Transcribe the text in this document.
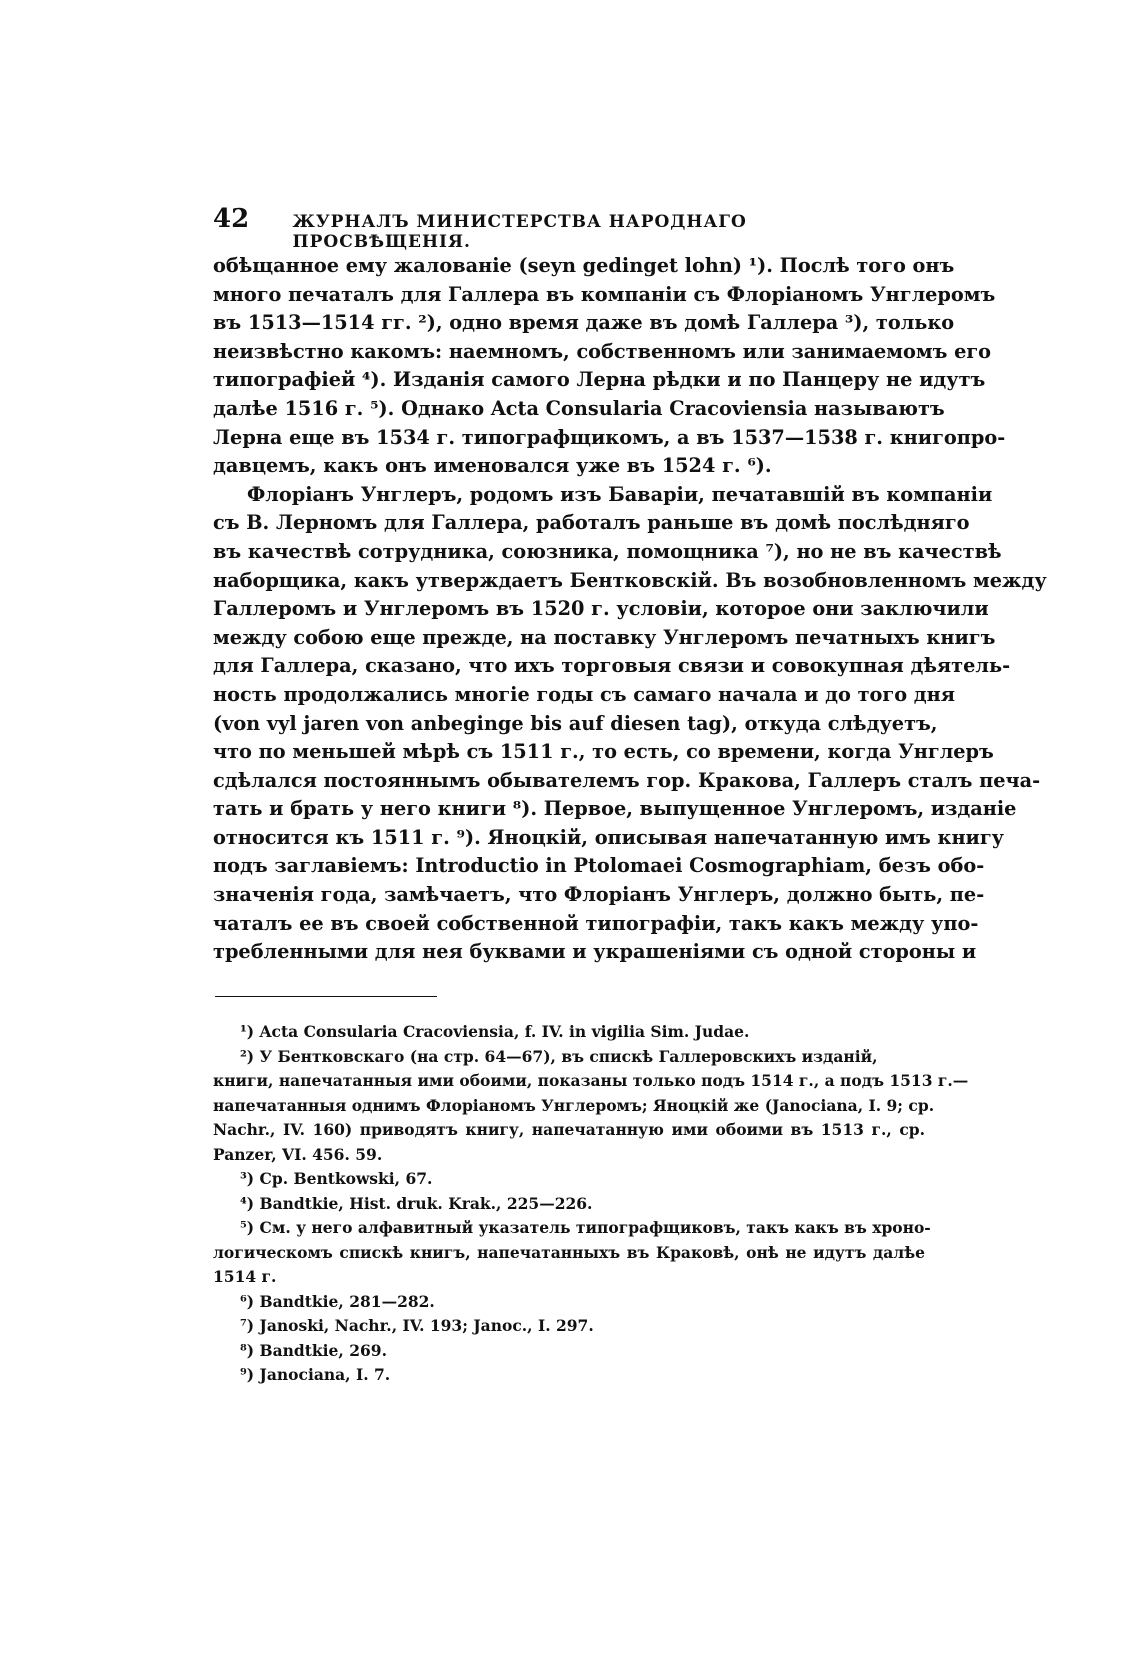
42	ЖУРНАЛЪ МИНИСТЕРСТВА НАРОДНАГО ПРОСВѢЩЕНІЯ.
обѣщанное ему жалованіе (seyn gedinget lohn) ¹). Послѣ того онъ
много печаталъ для Галлера въ компаніи съ Флоріаномъ Унглеромъ
въ 1513—1514 гг. ²), одно время даже въ домѣ Галлера ³), только
неизвѣстно какомъ: наемномъ, собственномъ или занимаемомъ его
типографіей ⁴). Изданія самого Лерна рѣдки и по Панцеру не идутъ
далѣе 1516 г. ⁵). Однако Acta Consularia Cracoviensia называютъ
Лерна еще въ 1534 г. типографщикомъ, а въ 1537—1538 г. книгопро-
давцемъ, какъ онъ именовался уже въ 1524 г. ⁶).
Флоріанъ Унглеръ, родомъ изъ Баваріи, печатавшій въ компаніи
съ В. Лерномъ для Галлера, работалъ раньше въ домѣ послѣдняго
въ качествѣ сотрудника, союзника, помощника ⁷), но не въ качествѣ
наборщика, какъ утверждаетъ Бентковскій. Въ возобновленномъ между
Галлеромъ и Унглеромъ въ 1520 г. условіи, которое они заключили
между собою еще прежде, на поставку Унглеромъ печатныхъ книгъ
для Галлера, сказано, что ихъ торговыя связи и совокупная дѣятель-
ность продолжались многіе годы съ самаго начала и до того дня
(von vyl jaren von anbeginge bis auf diesen tag), откуда слѣдуетъ,
что по меньшей мѣрѣ съ 1511 г., то есть, со времени, когда Унглеръ
сдѣлался постояннымъ обывателемъ гор. Кракова, Галлеръ сталъ печа-
тать и брать у него книги ⁸). Первое, выпущенное Унглеромъ, изданіе
относится къ 1511 г. ⁹). Яноцкій, описывая напечатанную имъ книгу
подъ заглавіемъ: Introductio in Ptolomaei Cosmographiam, безъ обо-
значенія года, замѣчаетъ, что Флоріанъ Унглеръ, должно быть, пе-
чаталъ ее въ своей собственной типографіи, такъ какъ между упо-
требленными для нея буквами и украшеніями съ одной стороны и
¹) Acta Consularia Cracoviensia, f. IV. in vigilia Sim. Judae.
²) У Бентковскаго (на стр. 64—67), въ спискѣ Галлеровскихъ изданій,
книги, напечатанныя ими обоими, показаны только подъ 1514 г., а подъ 1513 г.—
напечатанныя однимъ Флоріаномъ Унглеромъ; Яноцкій же (Janociana, I. 9; ср.
Nachr., IV. 160) приводятъ книгу, напечатанную ими обоими въ 1513 г., ср.
Panzer, VI. 456. 59.
³) Ср. Bentkowski, 67.
⁴) Bandtkie, Hist. druk. Krak., 225—226.
⁵) См. у него алфавитный указатель типографщиковъ, такъ какъ въ хроно-
логическомъ спискѣ книгъ, напечатанныхъ въ Краковѣ, онѣ не идутъ далѣе
1514 г.
⁶) Bandtkie, 281—282.
⁷) Janoski, Nachr., IV. 193; Janoc., I. 297.
⁸) Bandtkie, 269.
⁹) Janociana, I. 7.
